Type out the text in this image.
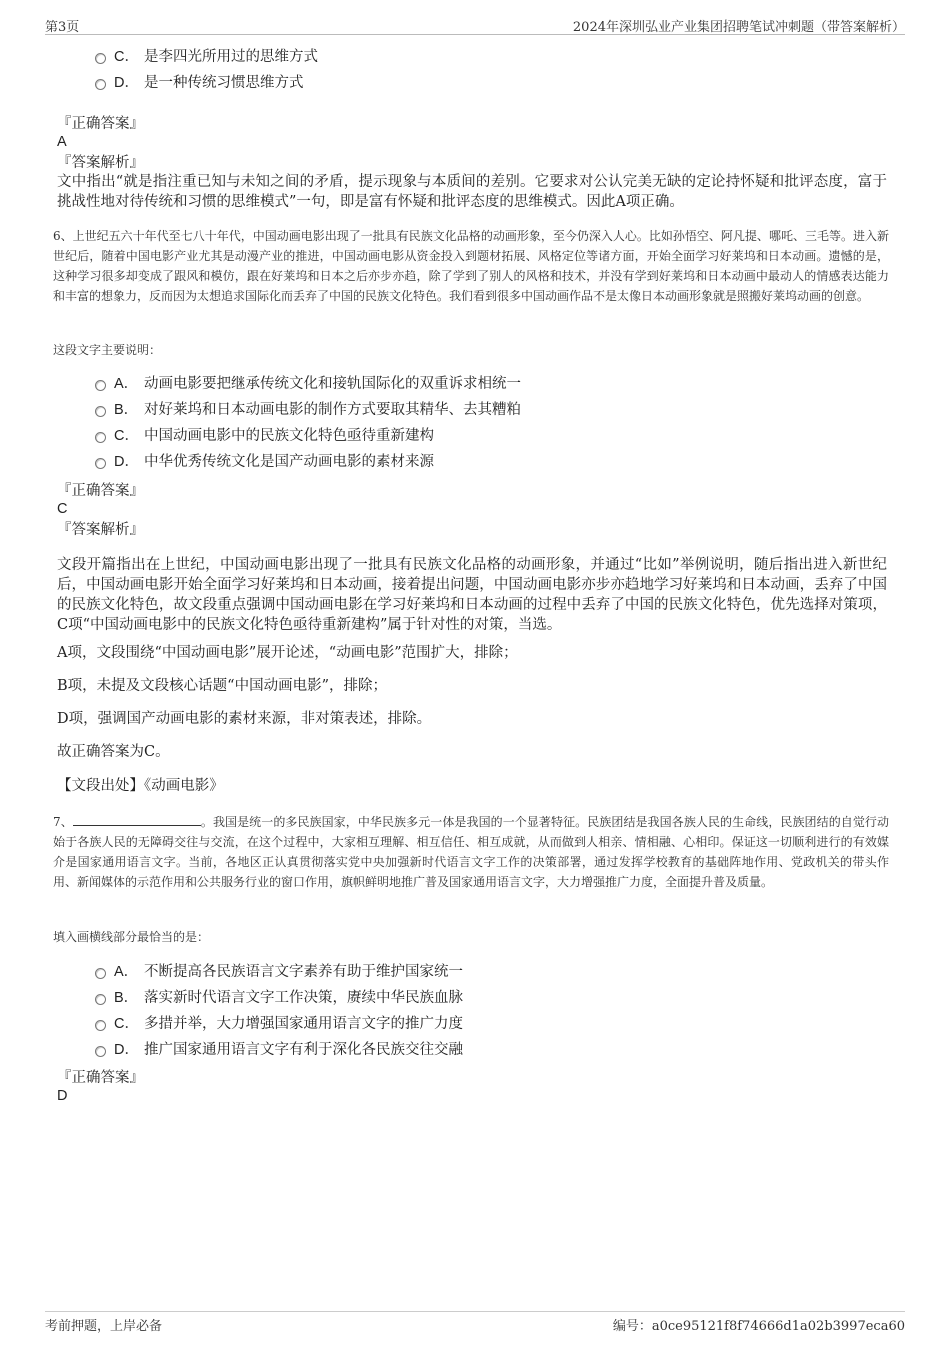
第3页	2024年深圳弘业产业集团招聘笔试冲刺题（带答案解析）
C． 是李四光所用过的思维方式
D． 是一种传统习惯思维方式
『正确答案』
A
『答案解析』
文中指出“就是指注重已知与未知之间的矛盾，提示现象与本质间的差别。它要求对公认完美无缺的定论持怀疑和批评态度，富于挑战性地对待传统和习惯的思维模式”一句，即是富有怀疑和批评态度的思维模式。因此A项正确。
6、上世纪五六十年代至七八十年代，中国动画电影出现了一批具有民族文化品格的动画形象，至今仍深入人心。比如孙悟空、阿凡提、哪吒、三毛等。进入新世纪后，随着中国电影产业尤其是动漫产业的推进，中国动画电影从资金投入到题材拓展、风格定位等诸方面，开始全面学习好莱坞和日本动画。遗憾的是，这种学习很多却变成了跟风和模仿，跟在好莱坞和日本之后亦步亦趋，除了学到了别人的风格和技术，并没有学到好莱坞和日本动画中最动人的情感表达能力和丰富的想象力，反而因为太想追求国际化而丢弃了中国的民族文化特色。我们看到很多中国动画作品不是太像日本动画形象就是照搬好莱坞动画的创意。
这段文字主要说明：
A． 动画电影要把继承传统文化和接轨国际化的双重诉求相统一
B． 对好莱坞和日本动画电影的制作方式要取其精华、去其糟粕
C． 中国动画电影中的民族文化特色亟待重新建构
D． 中华优秀传统文化是国产动画电影的素材来源
『正确答案』
C
『答案解析』
文段开篇指出在上世纪，中国动画电影出现了一批具有民族文化品格的动画形象，并通过“比如”举例说明，随后指出进入新世纪后，中国动画电影开始全面学习好莱坞和日本动画，接着提出问题，中国动画电影亦步亦趋地学习好莱坞和日本动画，丢弃了中国的民族文化特色，故文段重点强调中国动画电影在学习好莱坞和日本动画的过程中丢弃了中国的民族文化特色，优先选择对策项，C项“中国动画电影中的民族文化特色亟待重新建构”属于针对性的对策，当选。
A项，文段围绕“中国动画电影”展开论述，“动画电影”范围扩大，排除；
B项，未提及文段核心话题“中国动画电影”，排除；
D项，强调国产动画电影的素材来源，非对策表述，排除。
故正确答案为C。
【文段出处】《动画电影》
7、	。我国是统一的多民族国家，中华民族多元一体是我国的一个显著特征。民族团结是我国各族人民的生命线，民族团结的自觉行动始于各族人民的无障碍交往与交流，在这个过程中，大家相互理解、相互信任、相互成就，从而做到人相亲、情相融、心相印。保证这一切顺利进行的有效媒介是国家通用语言文字。当前，各地区正认真贯彻落实党中央加强新时代语言文字工作的决策部署，通过发挥学校教育的基础阵地作用、党政机关的带头作用、新闻媒体的示范作用和公共服务行业的窗口作用，旗帜鲜明地推广普及国家通用语言文字，大力增强推广力度，全面提升普及质量。
填入画横线部分最恰当的是：
A． 不断提高各民族语言文字素养有助于维护国家统一
B． 落实新时代语言文字工作决策，赓续中华民族血脉
C． 多措并举，大力增强国家通用语言文字的推广力度
D． 推广国家通用语言文字有利于深化各民族交往交融
『正确答案』
D
考前押题，上岸必备	编号：a0ce95121f8f74666d1a02b3997eca60
